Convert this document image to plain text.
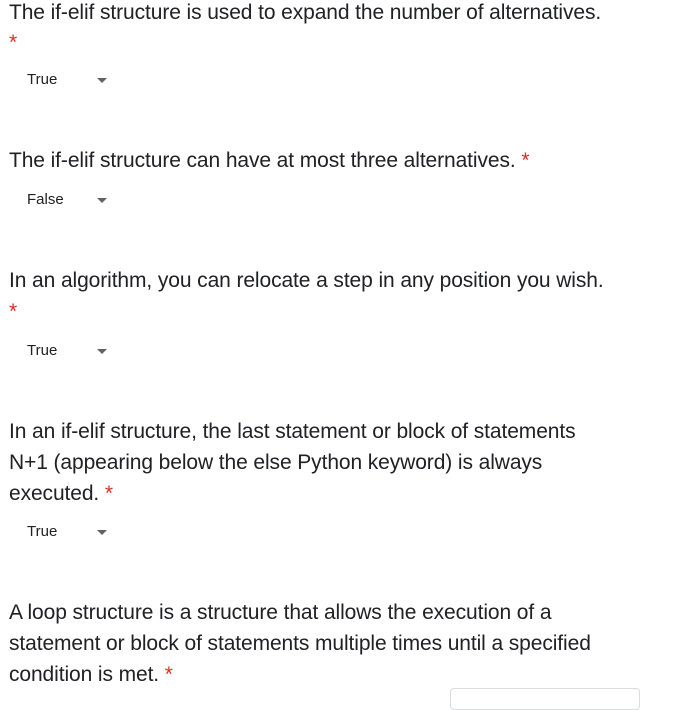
The if-elif structure is used to expand the number of alternatives.
*
True
The if-elif structure can have at most three alternatives. *
False
In an algorithm, you can relocate a step in any position you wish.
*
True
In an if-elif structure, the last statement or block of statements
N+1 (appearing below the else Python keyword) is always
executed. *
True
A loop structure is a structure that allows the execution of a
statement or block of statements multiple times until a specified
condition is met. *
